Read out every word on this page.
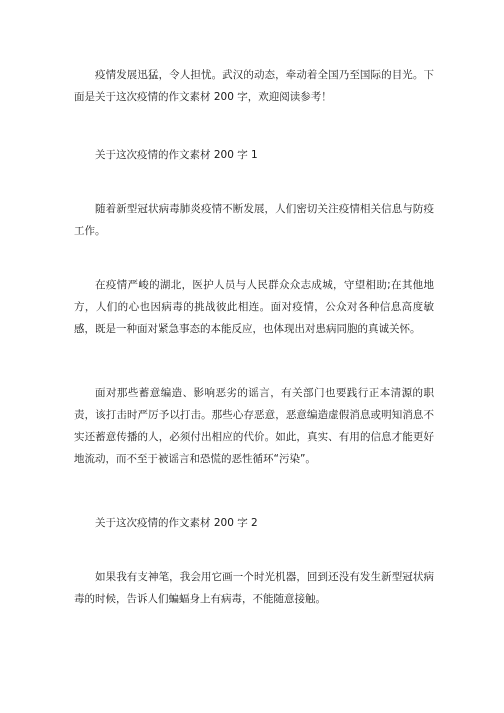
疫情发展迅猛，令人担忧。武汉的动态，牵动着全国乃至国际的目光。下面是关于这次疫情的作文素材 200 字，欢迎阅读参考！

关于这次疫情的作文素材 200 字 1

随着新型冠状病毒肺炎疫情不断发展，人们密切关注疫情相关信息与防疫工作。

在疫情严峻的湖北，医护人员与人民群众众志成城，守望相助;在其他地方，人们的心也因病毒的挑战彼此相连。面对疫情，公众对各种信息高度敏感，既是一种面对紧急事态的本能反应，也体现出对患病同胞的真诚关怀。

面对那些蓄意编造、影响恶劣的谣言，有关部门也要践行正本清源的职责，该打击时严厉予以打击。那些心存恶意，恶意编造虚假消息或明知消息不实还蓄意传播的人，必须付出相应的代价。如此，真实、有用的信息才能更好地流动，而不至于被谣言和恐慌的恶性循环“污染”。

关于这次疫情的作文素材 200 字 2

如果我有支神笔，我会用它画一个时光机器，回到还没有发生新型冠状病毒的时候，告诉人们蝙蝠身上有病毒，不能随意接触。
